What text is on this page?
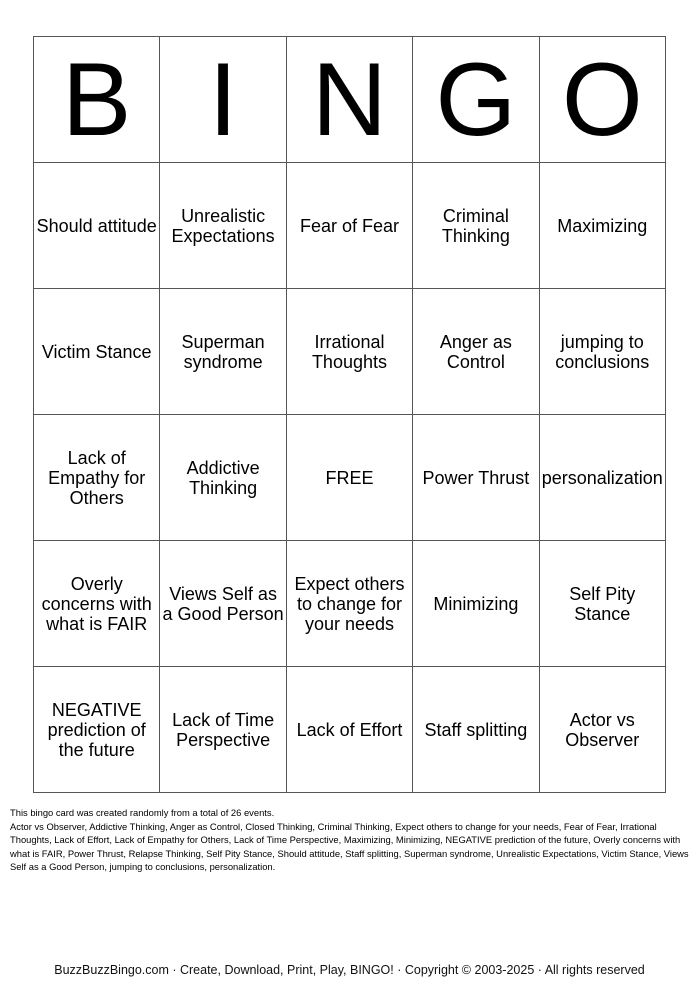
B	I	N	G	O
Should attitude	Unrealistic Expectations	Fear of Fear	Criminal Thinking	Maximizing
Victim Stance	Superman syndrome	Irrational Thoughts	Anger as Control	jumping to conclusions
Lack of Empathy for Others	Addictive Thinking	FREE	Power Thrust	personalization
Overly concerns with what is FAIR	Views Self as a Good Person	Expect others to change for your needs	Minimizing	Self Pity Stance
NEGATIVE prediction of the future	Lack of Time Perspective	Lack of Effort	Staff splitting	Actor vs Observer

This bingo card was created randomly from a total of 26 events.

Actor vs Observer, Addictive Thinking, Anger as Control, Closed Thinking, Criminal Thinking, Expect others to change for your needs, Fear of Fear, Irrational Thoughts, Lack of Effort, Lack of Empathy for Others, Lack of Time Perspective, Maximizing, Minimizing, NEGATIVE prediction of the future, Overly concerns with what is FAIR, Power Thrust, Relapse Thinking, Self Pity Stance, Should attitude, Staff splitting, Superman syndrome, Unrealistic Expectations, Victim Stance, Views Self as a Good Person, jumping to conclusions, personalization.

BuzzBuzzBingo.com · Create, Download, Print, Play, BINGO! · Copyright © 2003-2025 · All rights reserved
